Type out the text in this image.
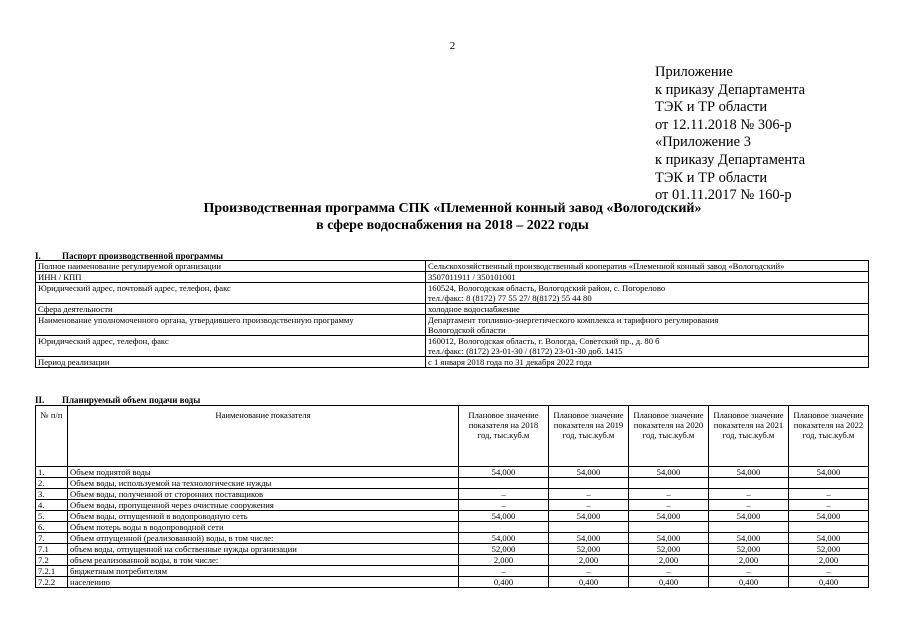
2
Приложение
к приказу Департамента
ТЭК и ТР области
от 12.11.2018 № 306-р
«Приложение 3
к приказу Департамента
ТЭК и ТР области
от 01.11.2017 № 160-р
Производственная программа СПК «Племенной конный завод «Вологодский»
в сфере водоснабжения на 2018 – 2022 годы
I. Паспорт производственной программы
Полное наименование регулируемой организации	Сельскохозяйственный производственный кооператив «Племенной конный завод «Вологодский»
ИНН / КПП	3507011911 / 350101001
Юридический адрес, почтовый адрес, телефон, факс	160524, Вологодская область, Вологодский район, с. Погорелово
тел./факс: 8 (8172) 77 55 27/ 8(8172) 55 44 80

Сфера деятельности	холодное водоснабжение
Наименование уполномоченного органа, утвердившего производственную программу	Департамент топливно-энергетического комплекса и тарифного регулирования
Вологодской области

Юридический адрес, телефон, факс	160012, Вологодская область, г. Вологда, Советский пр., д. 80 б
тел./факс: (8172) 23-01-30 / (8172) 23-01-30 доб. 1415

Период реализации	с 1 января 2018 года по 31 декабря 2022 года
II. Планируемый объем подачи воды
№ п/п	Наименование показателя	Плановое значение показателя на 2018 год, тыс.куб.м	Плановое значение показателя на 2019 год, тыс.куб.м	Плановое значение показателя на 2020 год, тыс.куб.м	Плановое значение показателя на 2021 год, тыс.куб.м	Плановое значение показателя на 2022 год, тыс.куб.м
1.	Объем поднятой воды	54,000	54,000	54,000	54,000	54,000
2.	Объем воды, используемой на технологические нужды					
3.	Объем воды, полученной от сторонних поставщиков	–	–	–	–	–
4.	Объем воды, пропущенной через очистные сооружения	–	–	–	–	–
5.	Объем воды, отпущенной в водопроводную сеть	54,000	54,000	54,000	54,000	54,000
6.	Объем потерь воды в водопроводной сети					
7.	Объем отпущенной (реализованной) воды, в том числе:	54,000	54,000	54,000	54,000	54,000
7.1	объем воды, отпущенной на собственные нужды организации	52,000	52,000	52,000	52,000	52,000
7.2	объем реализованной воды, в том числе:	2,000	2,000	2,000	2,000	2,000
7.2.1	бюджетным потребителям	–	–	–	–	–
7.2.2	населению	0,400	0,400	0,400	0,400	0,400
